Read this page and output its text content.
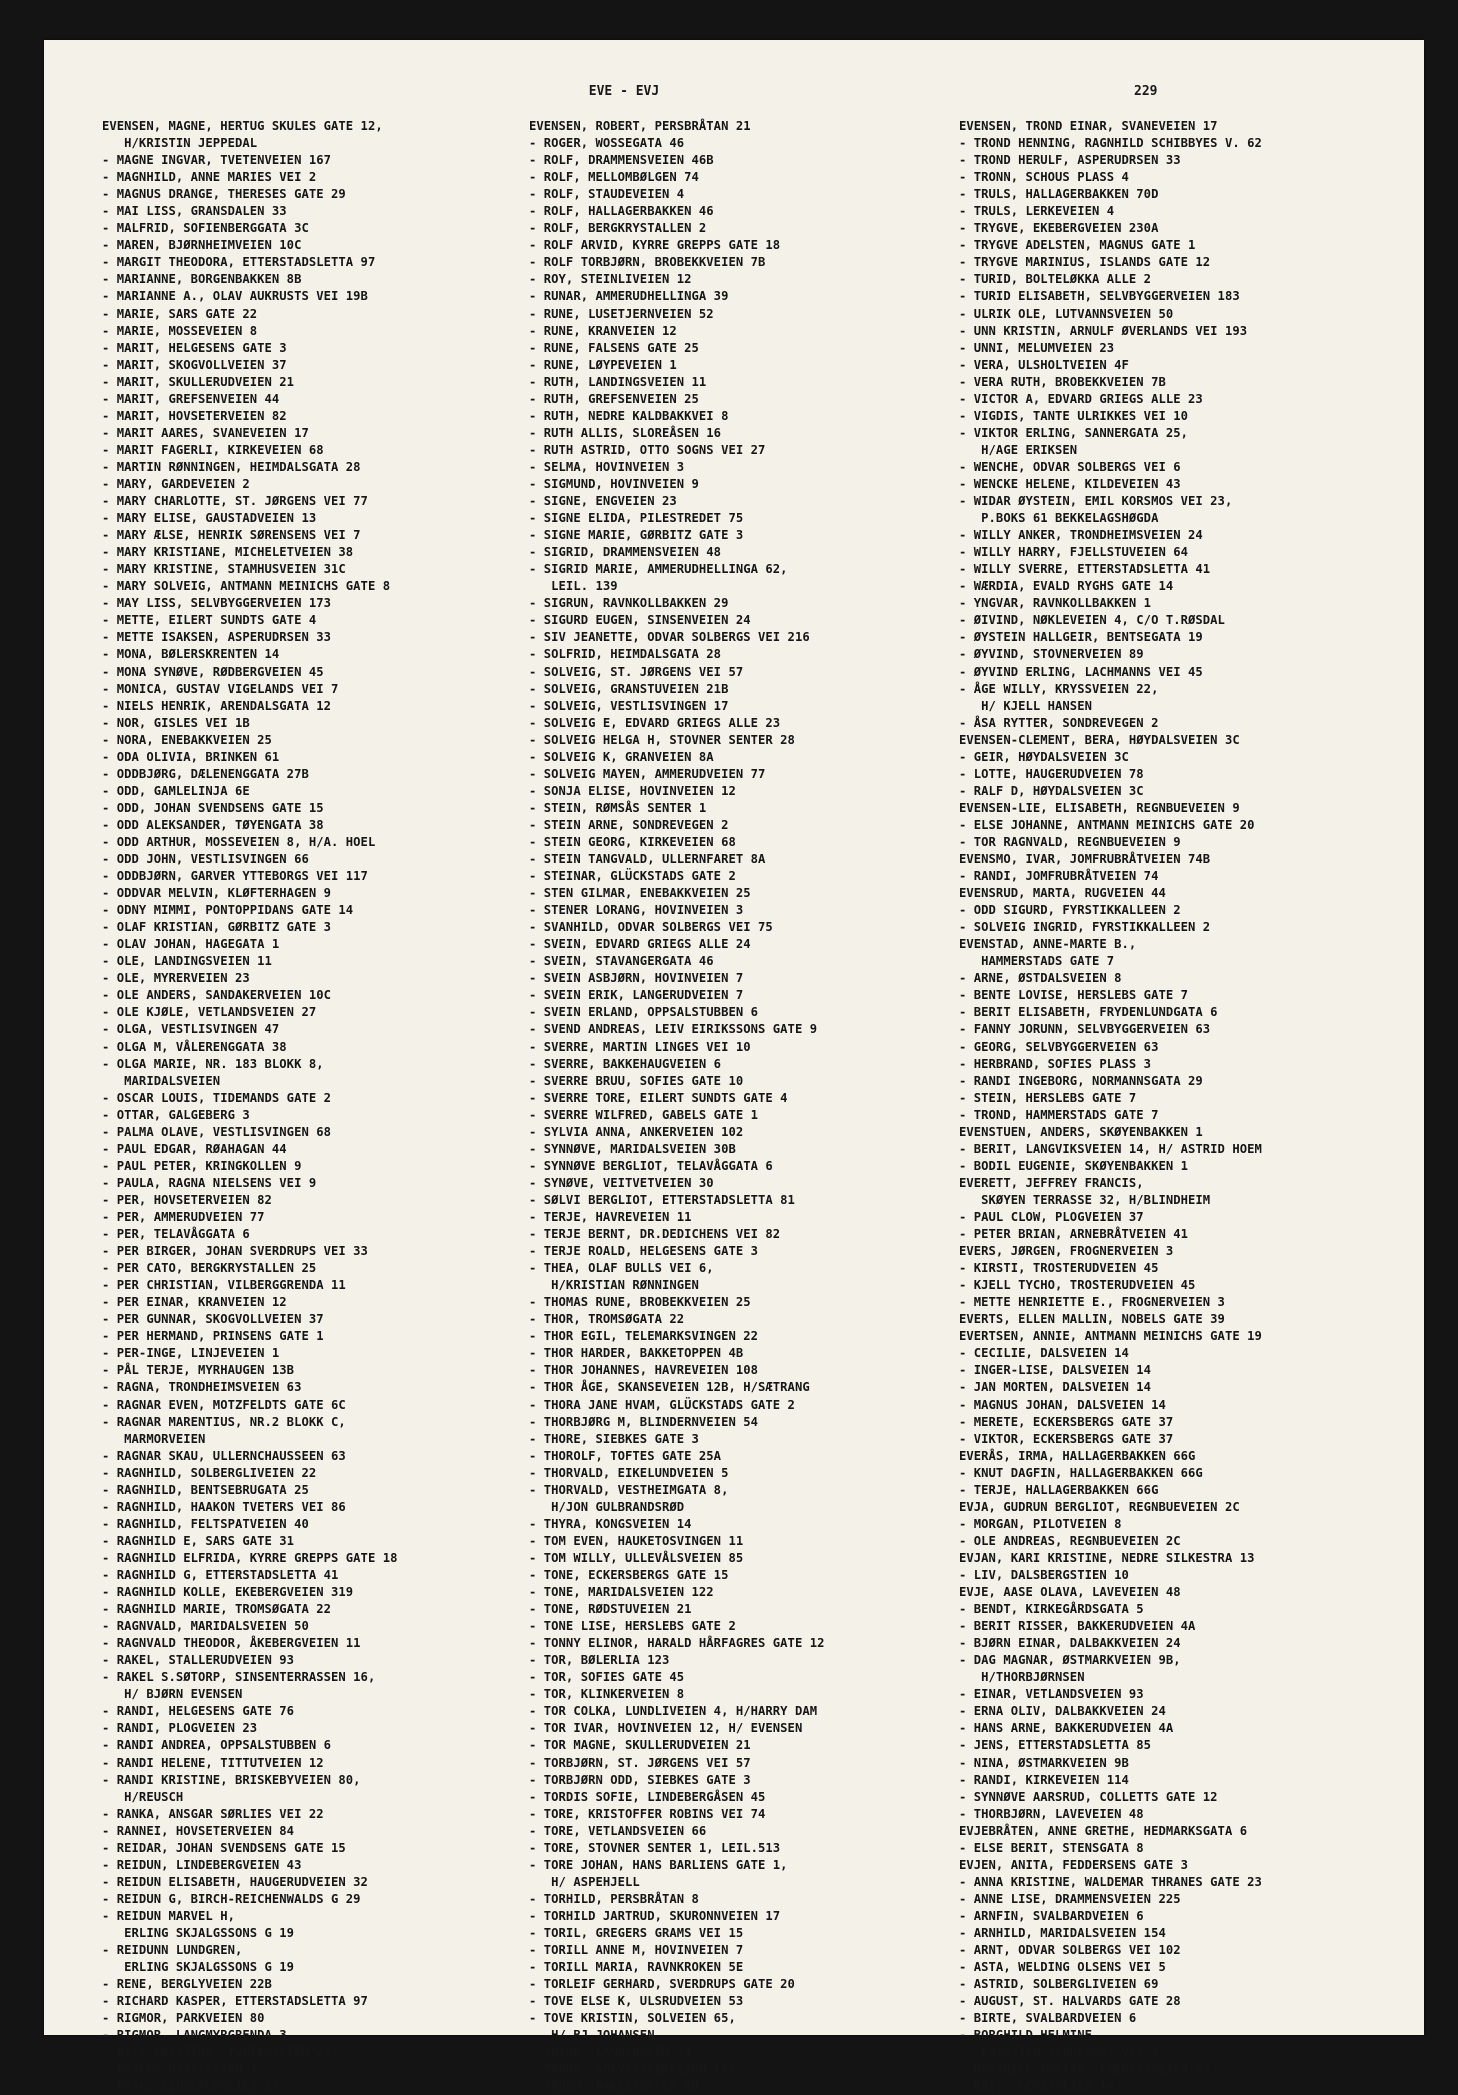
EVE - EVJ	229
EVENSEN, MAGNE, HERTUG SKULES GATE 12,
H/KRISTIN JEPPEDAL
- MAGNE INGVAR, TVETENVEIEN 167
- MAGNHILD, ANNE MARIES VEI 2
- MAGNUS DRANGE, THERESES GATE 29
- MAI LISS, GRANSDALEN 33
- MALFRID, SOFIENBERGGATA 3C
- MAREN, BJØRNHEIMVEIEN 10C
- MARGIT THEODORA, ETTERSTADSLETTA 97
- MARIANNE, BORGENBAKKEN 8B
- MARIANNE A., OLAV AUKRUSTS VEI 19B
- MARIE, SARS GATE 22
- MARIE, MOSSEVEIEN 8
- MARIT, HELGESENS GATE 3
- MARIT, SKOGVOLLVEIEN 37
- MARIT, SKULLERUDVEIEN 21
- MARIT, GREFSENVEIEN 44
- MARIT, HOVSETERVEIEN 82
- MARIT AARES, SVANEVEIEN 17
- MARIT FAGERLI, KIRKEVEIEN 68
- MARTIN RØNNINGEN, HEIMDALSGATA 28
- MARY, GARDEVEIEN 2
- MARY CHARLOTTE, ST. JØRGENS VEI 77
- MARY ELISE, GAUSTADVEIEN 13
- MARY ÆLSE, HENRIK SØRENSENS VEI 7
- MARY KRISTIANE, MICHELETVEIEN 38
- MARY KRISTINE, STAMHUSVEIEN 31C
- MARY SOLVEIG, ANTMANN MEINICHS GATE 8
- MAY LISS, SELVBYGGERVEIEN 173
- METTE, EILERT SUNDTS GATE 4
- METTE ISAKSEN, ASPERUDRSEN 33
- MONA, BØLERSKRENTEN 14
- MONA SYNØVE, RØDBERGVEIEN 45
- MONICA, GUSTAV VIGELANDS VEI 7
- NIELS HENRIK, ARENDALSGATA 12
- NOR, GISLES VEI 1B
- NORA, ENEBAKKVEIEN 25
- ODA OLIVIA, BRINKEN 61
- ODDBJØRG, DÆLENENGGATA 27B
- ODD, GAMLELINJA 6E
- ODD, JOHAN SVENDSENS GATE 15
- ODD ALEKSANDER, TØYENGATA 38
- ODD ARTHUR, MOSSEVEIEN 8, H/A. HOEL
- ODD JOHN, VESTLISVINGEN 66
- ODDBJØRN, GARVER YTTEBORGS VEI 117
- ODDVAR MELVIN, KLØFTERHAGEN 9
- ODNY MIMMI, PONTOPPIDANS GATE 14
- OLAF KRISTIAN, GØRBITZ GATE 3
- OLAV JOHAN, HAGEGATA 1
- OLE, LANDINGSVEIEN 11
- OLE, MYRERVEIEN 23
- OLE ANDERS, SANDAKERVEIEN 10C
- OLE KJØLE, VETLANDSVEIEN 27
- OLGA, VESTLISVINGEN 47
- OLGA M, VÅLERENGGATA 38
- OLGA MARIE, NR. 183 BLOKK 8,
MARIDALSVEIEN
- OSCAR LOUIS, TIDEMANDS GATE 2
- OTTAR, GALGEBERG 3
- PALMA OLAVE, VESTLISVINGEN 68
- PAUL EDGAR, RØAHAGAN 44
- PAUL PETER, KRINGKOLLEN 9
- PAULA, RAGNA NIELSENS VEI 9
- PER, HOVSETERVEIEN 82
- PER, AMMERUDVEIEN 77
- PER, TELAVÅGGATA 6
- PER BIRGER, JOHAN SVERDRUPS VEI 33
- PER CATO, BERGKRYSTALLEN 25
- PER CHRISTIAN, VILBERGGRENDA 11
- PER EINAR, KRANVEIEN 12
- PER GUNNAR, SKOGVOLLVEIEN 37
- PER HERMAND, PRINSENS GATE 1
- PER-INGE, LINJEVEIEN 1
- PÅL TERJE, MYRHAUGEN 13B
- RAGNA, TRONDHEIMSVEIEN 63
- RAGNAR EVEN, MOTZFELDTS GATE 6C
- RAGNAR MARENTIUS, NR.2 BLOKK C,
MARMORVEIEN
- RAGNAR SKAU, ULLERNCHAUSSEEN 63
- RAGNHILD, SOLBERGLIVEIEN 22
- RAGNHILD, BENTSEBRUGATA 25
- RAGNHILD, HAAKON TVETERS VEI 86
- RAGNHILD, FELTSPATVEIEN 40
- RAGNHILD E, SARS GATE 31
- RAGNHILD ELFRIDA, KYRRE GREPPS GATE 18
- RAGNHILD G, ETTERSTADSLETTA 41
- RAGNHILD KOLLE, EKEBERGVEIEN 319
- RAGNHILD MARIE, TROMSØGATA 22
- RAGNVALD, MARIDALSVEIEN 50
- RAGNVALD THEODOR, ÅKEBERGVEIEN 11
- RAKEL, STALLERUDVEIEN 93
- RAKEL S.SØTORP, SINSENTERRASSEN 16,
H/ BJØRN EVENSEN
- RANDI, HELGESENS GATE 76
- RANDI, PLOGVEIEN 23
- RANDI ANDREA, OPPSALSTUBBEN 6
- RANDI HELENE, TITTUTVEIEN 12
- RANDI KRISTINE, BRISKEBYVEIEN 80,
H/REUSCH
- RANKA, ANSGAR SØRLIES VEI 22
- RANNEI, HOVSETERVEIEN 84
- REIDAR, JOHAN SVENDSENS GATE 15
- REIDUN, LINDEBERGVEIEN 43
- REIDUN ELISABETH, HAUGERUDVEIEN 32
- REIDUN G, BIRCH-REICHENWALDS G 29
- REIDUN MARVEL H,
ERLING SKJALGSSONS G 19
- REIDUNN LUNDGREN,
ERLING SKJALGSSONS G 19
- RENE, BERGLYVEIEN 22B
- RICHARD KASPER, ETTERSTADSLETTA 97
- RIGMOR, PARKVEIEN 80
- RIGMOR, LANGMYRGRENDA 3
- RITA KRISTINE, TVETENVEIEN 231
- ROALD, HARASVEIEN 1
- ROAR, LINDERUDVEIEN 15
EVENSEN, ROBERT, PERSBRÅTAN 21
- ROGER, WOSSEGATA 46
- ROLF, DRAMMENSVEIEN 46B
- ROLF, MELLOMBØLGEN 74
- ROLF, STAUDEVEIEN 4
- ROLF, HALLAGERBAKKEN 46
- ROLF, BERGKRYSTALLEN 2
- ROLF ARVID, KYRRE GREPPS GATE 18
- ROLF TORBJØRN, BROBEKKVEIEN 7B
- ROY, STEINLIVEIEN 12
- RUNAR, AMMERUDHELLINGA 39
- RUNE, LUSETJERNVEIEN 52
- RUNE, KRANVEIEN 12
- RUNE, FALSENS GATE 25
- RUNE, LØYPEVEIEN 1
- RUTH, LANDINGSVEIEN 11
- RUTH, GREFSENVEIEN 25
- RUTH, NEDRE KALDBAKKVEI 8
- RUTH ALLIS, SLOREÅSEN 16
- RUTH ASTRID, OTTO SOGNS VEI 27
- SELMA, HOVINVEIEN 3
- SIGMUND, HOVINVEIEN 9
- SIGNE, ENGVEIEN 23
- SIGNE ELIDA, PILESTREDET 75
- SIGNE MARIE, GØRBITZ GATE 3
- SIGRID, DRAMMENSVEIEN 48
- SIGRID MARIE, AMMERUDHELLINGA 62,
LEIL. 139
- SIGRUN, RAVNKOLLBAKKEN 29
- SIGURD EUGEN, SINSENVEIEN 24
- SIV JEANETTE, ODVAR SOLBERGS VEI 216
- SOLFRID, HEIMDALSGATA 28
- SOLVEIG, ST. JØRGENS VEI 57
- SOLVEIG, GRANSTUVEIEN 21B
- SOLVEIG, VESTLISVINGEN 17
- SOLVEIG E, EDVARD GRIEGS ALLE 23
- SOLVEIG HELGA H, STOVNER SENTER 28
- SOLVEIG K, GRANVEIEN 8A
- SOLVEIG MAYEN, AMMERUDVEIEN 77
- SONJA ELISE, HOVINVEIEN 12
- STEIN, RØMSÅS SENTER 1
- STEIN ARNE, SONDREVEGEN 2
- STEIN GEORG, KIRKEVEIEN 68
- STEIN TANGVALD, ULLERNFARET 8A
- STEINAR, GLÜCKSTADS GATE 2
- STEN GILMAR, ENEBAKKVEIEN 25
- STENER LORANG, HOVINVEIEN 3
- SVANHILD, ODVAR SOLBERGS VEI 75
- SVEIN, EDVARD GRIEGS ALLE 24
- SVEIN, STAVANGERGATA 46
- SVEIN ASBJØRN, HOVINVEIEN 7
- SVEIN ERIK, LANGERUDVEIEN 7
- SVEIN ERLAND, OPPSALSTUBBEN 6
- SVEND ANDREAS, LEIV EIRIKSSONS GATE 9
- SVERRE, MARTIN LINGES VEI 10
- SVERRE, BAKKEHAUGVEIEN 6
- SVERRE BRUU, SOFIES GATE 10
- SVERRE TORE, EILERT SUNDTS GATE 4
- SVERRE WILFRED, GABELS GATE 1
- SYLVIA ANNA, ANKERVEIEN 102
- SYNNØVE, MARIDALSVEIEN 30B
- SYNNØVE BERGLIOT, TELAVÅGGATA 6
- SYNØVE, VEITVETVEIEN 30
- SØLVI BERGLIOT, ETTERSTADSLETTA 81
- TERJE, HAVREVEIEN 11
- TERJE BERNT, DR.DEDICHENS VEI 82
- TERJE ROALD, HELGESENS GATE 3
- THEA, OLAF BULLS VEI 6,
H/KRISTIAN RØNNINGEN
- THOMAS RUNE, BROBEKKVEIEN 25
- THOR, TROMSØGATA 22
- THOR EGIL, TELEMARKSVINGEN 22
- THOR HARDER, BAKKETOPPEN 4B
- THOR JOHANNES, HAVREVEIEN 108
- THOR ÅGE, SKANSEVEIEN 12B, H/SÆTRANG
- THORA JANE HVAM, GLÜCKSTADS GATE 2
- THORBJØRG M, BLINDERNVEIEN 54
- THORE, SIEBKES GATE 3
- THOROLF, TOFTES GATE 25A
- THORVALD, EIKELUNDVEIEN 5
- THORVALD, VESTHEIMGATA 8,
H/JON GULBRANDSRØD
- THYRA, KONGSVEIEN 14
- TOM EVEN, HAUKETOSVINGEN 11
- TOM WILLY, ULLEVÅLSVEIEN 85
- TONE, ECKERSBERGS GATE 15
- TONE, MARIDALSVEIEN 122
- TONE, RØDSTUVEIEN 21
- TONE LISE, HERSLEBS GATE 2
- TONNY ELINOR, HARALD HÅRFAGRES GATE 12
- TOR, BØLERLIA 123
- TOR, SOFIES GATE 45
- TOR, KLINKERVEIEN 8
- TOR COLKA, LUNDLIVEIEN 4, H/HARRY DAM
- TOR IVAR, HOVINVEIEN 12, H/ EVENSEN
- TOR MAGNE, SKULLERUDVEIEN 21
- TORBJØRN, ST. JØRGENS VEI 57
- TORBJØRN ODD, SIEBKES GATE 3
- TORDIS SOFIE, LINDEBERGÅSEN 45
- TORE, KRISTOFFER ROBINS VEI 74
- TORE, VETLANDSVEIEN 66
- TORE, STOVNER SENTER 1, LEIL.513
- TORE JOHAN, HANS BARLIENS GATE 1,
H/ ASPEHJELL
- TORHILD, PERSBRÅTAN 8
- TORHILD JARTRUD, SKURONNVEIEN 17
- TORIL, GREGERS GRAMS VEI 15
- TORILL ANNE M, HOVINVEIEN 7
- TORILL MARIA, RAVNKROKEN 5E
- TORLEIF GERHARD, SVERDRUPS GATE 20
- TOVE ELSE K, ULSRUDVEIEN 53
- TOVE KRISTIN, SOLVEIEN 65,
H/ BJ.JOHANSEN
- TRINE, LANGBØLGEN 23
- TROND, SELVBYGGERVEIEN 183
- TROND, BAKKETOPPEN 4B
EVENSEN, TROND EINAR, SVANEVEIEN 17
- TROND HENNING, RAGNHILD SCHIBBYES V. 62
- TROND HERULF, ASPERUDRSEN 33
- TRONN, SCHOUS PLASS 4
- TRULS, HALLAGERBAKKEN 70D
- TRULS, LERKEVEIEN 4
- TRYGVE, EKEBERGVEIEN 230A
- TRYGVE ADELSTEN, MAGNUS GATE 1
- TRYGVE MARINIUS, ISLANDS GATE 12
- TURID, BOLTELØKKA ALLE 2
- TURID ELISABETH, SELVBYGGERVEIEN 183
- ULRIK OLE, LUTVANNSVEIEN 50
- UNN KRISTIN, ARNULF ØVERLANDS VEI 193
- UNNI, MELUMVEIEN 23
- VERA, ULSHOLTVEIEN 4F
- VERA RUTH, BROBEKKVEIEN 7B
- VICTOR A, EDVARD GRIEGS ALLE 23
- VIGDIS, TANTE ULRIKKES VEI 10
- VIKTOR ERLING, SANNERGATA 25,
H/AGE ERIKSEN
- WENCHE, ODVAR SOLBERGS VEI 6
- WENCKE HELENE, KILDEVEIEN 43
- WIDAR ØYSTEIN, EMIL KORSMOS VEI 23,
P.BOKS 61 BEKKELAGSHØGDA
- WILLY ANKER, TRONDHEIMSVEIEN 24
- WILLY HARRY, FJELLSTUVEIEN 64
- WILLY SVERRE, ETTERSTADSLETTA 41
- WÆRDIA, EVALD RYGHS GATE 14
- YNGVAR, RAVNKOLLBAKKEN 1
- ØIVIND, NØKLEVEIEN 4, C/O T.RØSDAL
- ØYSTEIN HALLGEIR, BENTSEGATA 19
- ØYVIND, STOVNERVEIEN 89
- ØYVIND ERLING, LACHMANNS VEI 45
- ÅGE WILLY, KRYSSVEIEN 22,
H/ KJELL HANSEN
- ÅSA RYTTER, SONDREVEGEN 2
EVENSEN-CLEMENT, BERA, HØYDALSVEIEN 3C
- GEIR, HØYDALSVEIEN 3C
- LOTTE, HAUGERUDVEIEN 78
- RALF D, HØYDALSVEIEN 3C
EVENSEN-LIE, ELISABETH, REGNBUEVEIEN 9
- ELSE JOHANNE, ANTMANN MEINICHS GATE 20
- TOR RAGNVALD, REGNBUEVEIEN 9
EVENSMO, IVAR, JOMFRUBRÅTVEIEN 74B
- RANDI, JOMFRUBRÅTVEIEN 74
EVENSRUD, MARTA, RUGVEIEN 44
- ODD SIGURD, FYRSTIKKALLEEN 2
- SOLVEIG INGRID, FYRSTIKKALLEEN 2
EVENSTAD, ANNE-MARTE B.,
HAMMERSTADS GATE 7
- ARNE, ØSTDALSVEIEN 8
- BENTE LOVISE, HERSLEBS GATE 7
- BERIT ELISABETH, FRYDENLUNDGATA 6
- FANNY JORUNN, SELVBYGGERVEIEN 63
- GEORG, SELVBYGGERVEIEN 63
- HERBRAND, SOFIES PLASS 3
- RANDI INGEBORG, NORMANNSGATA 29
- STEIN, HERSLEBS GATE 7
- TROND, HAMMERSTADS GATE 7
EVENSTUEN, ANDERS, SKØYENBAKKEN 1
- BERIT, LANGVIKSVEIEN 14, H/ ASTRID HOEM
- BODIL EUGENIE, SKØYENBAKKEN 1
EVERETT, JEFFREY FRANCIS,
SKØYEN TERRASSE 32, H/BLINDHEIM
- PAUL CLOW, PLOGVEIEN 37
- PETER BRIAN, ARNEBRÅTVEIEN 41
EVERS, JØRGEN, FROGNERVEIEN 3
- KIRSTI, TROSTERUDVEIEN 45
- KJELL TYCHO, TROSTERUDVEIEN 45
- METTE HENRIETTE E., FROGNERVEIEN 3
EVERTS, ELLEN MALLIN, NOBELS GATE 39
EVERTSEN, ANNIE, ANTMANN MEINICHS GATE 19
- CECILIE, DALSVEIEN 14
- INGER-LISE, DALSVEIEN 14
- JAN MORTEN, DALSVEIEN 14
- MAGNUS JOHAN, DALSVEIEN 14
- MERETE, ECKERSBERGS GATE 37
- VIKTOR, ECKERSBERGS GATE 37
EVERÅS, IRMA, HALLAGERBAKKEN 66G
- KNUT DAGFIN, HALLAGERBAKKEN 66G
- TERJE, HALLAGERBAKKEN 66G
EVJA, GUDRUN BERGLIOT, REGNBUEVEIEN 2C
- MORGAN, PILOTVEIEN 8
- OLE ANDREAS, REGNBUEVEIEN 2C
EVJAN, KARI KRISTINE, NEDRE SILKESTRA 13
- LIV, DALSBERGSTIEN 10
EVJE, AASE OLAVA, LAVEVEIEN 48
- BENDT, KIRKEGÅRDSGATA 5
- BERIT RISSER, BAKKERUDVEIEN 4A
- BJØRN EINAR, DALBAKKVEIEN 24
- DAG MAGNAR, ØSTMARKVEIEN 9B,
H/THORBJØRNSEN
- EINAR, VETLANDSVEIEN 93
- ERNA OLIV, DALBAKKVEIEN 24
- HANS ARNE, BAKKERUDVEIEN 4A
- JENS, ETTERSTADSLETTA 85
- NINA, ØSTMARKVEIEN 9B
- RANDI, KIRKEVEIEN 114
- SYNNØVE AARSRUD, COLLETTS GATE 12
- THORBJØRN, LAVEVEIEN 48
EVJEBRÅTEN, ANNE GRETHE, HEDMARKSGATA 6
- ELSE BERIT, STENSGATA 8
EVJEN, ANITA, FEDDERSENS GATE 3
- ANNA KRISTINE, WALDEMAR THRANES GATE 23
- ANNE LISE, DRAMMENSVEIEN 225
- ARNFIN, SVALBARDVEIEN 6
- ARNHILD, MARIDALSVEIEN 154
- ARNT, ODVAR SOLBERGS VEI 102
- ASTA, WELDING OLSENS VEI 5
- ASTRID, SOLBERGLIVEIEN 69
- AUGUST, ST. HALVARDS GATE 28
- BIRTE, SVALBARDVEIEN 6
- BORGHILD HELMINE,
KRISTIAN BOGNERUDS VEI 2
- BORGHILD LOVISE, EKEBERGVEIEN 43
- BRIT, GEVERVEIEN 14
